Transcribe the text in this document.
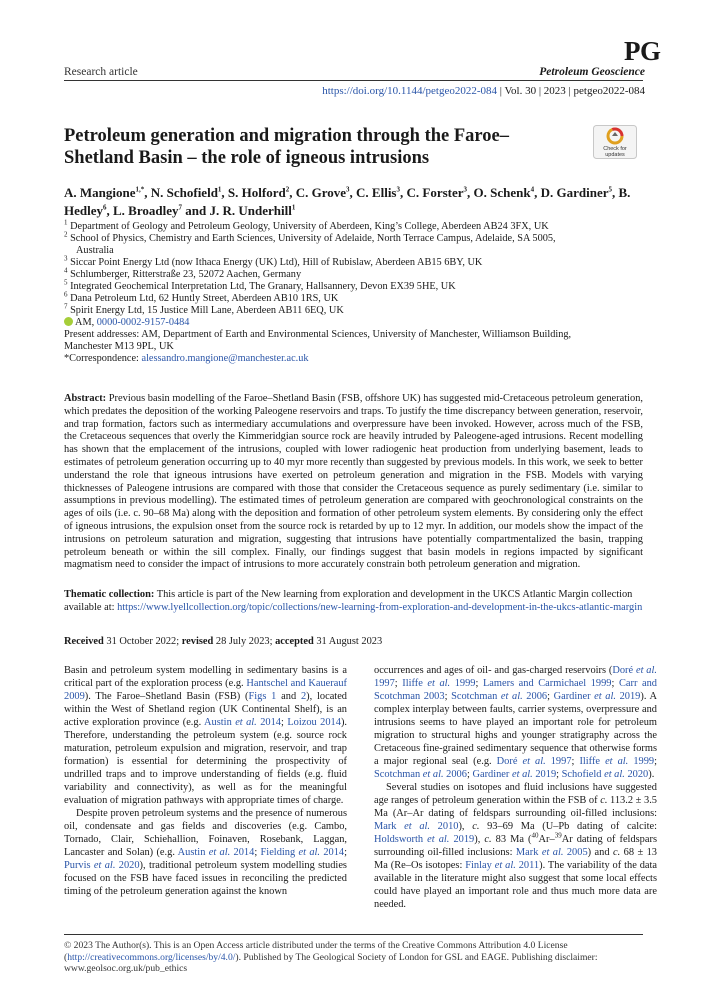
PG
Research article	Petroleum Geoscience
https://doi.org/10.1144/petgeo2022-084 | Vol. 30 | 2023 | petgeo2022-084
Petroleum generation and migration through the Faroe–Shetland Basin – the role of igneous intrusions	Check for
updates
A. Mangione$^{1,*}$, N. Schofield$^1$, S. Holford$^2$, C. Grove$^3$, C. Ellis$^3$, C. Forster$^3$, O. Schenk$^4$, D. Gardiner$^5$, B. Hedley$^6$, L. Broadley$^7$ and J. R. Underhill$^1$
$^1$ Department of Geology and Petroleum Geology, University of Aberdeen, King’s College, Aberdeen AB24 3FX, UK
$^2$ School of Physics, Chemistry and Earth Sciences, University of Adelaide, North Terrace Campus, Adelaide, SA 5005,
Australia
$^3$ Siccar Point Energy Ltd (now Ithaca Energy (UK) Ltd), Hill of Rubislaw, Aberdeen AB15 6BY, UK
$^4$ Schlumberger, Ritterstraße 23, 52072 Aachen, Germany
$^5$ Integrated Geochemical Interpretation Ltd, The Granary, Hallsannery, Devon EX39 5HE, UK
$^6$ Dana Petroleum Ltd, 62 Huntly Street, Aberdeen AB10 1RS, UK
$^7$ Spirit Energy Ltd, 15 Justice Mill Lane, Aberdeen AB11 6EQ, UK
AM, 0000-0002-9157-0484
Present addresses: AM, Department of Earth and Environmental Sciences, University of Manchester, Williamson Building,
Manchester M13 9PL, UK
*Correspondence: alessandro.mangione@manchester.ac.uk
Abstract: Previous basin modelling of the Faroe–Shetland Basin (FSB, offshore UK) has suggested mid-Cretaceous petroleum generation, which predates the deposition of the working Paleogene reservoirs and traps. To justify the time discrepancy between generation, reservoir, and trap formation, factors such as intermediary accumulations and overpressure have been invoked. However, across much of the FSB, the Cretaceous sequences that overly the Kimmeridgian source rock are heavily intruded by Paleogene-aged intrusions. Recent modelling has shown that the emplacement of the intrusions, coupled with lower radiogenic heat production from underlying basement, leads to estimates of petroleum generation occurring up to 40 myr more recently than suggested by previous models. In this work, we seek to better understand the role that igneous intrusions have exerted on petroleum generation and migration in the FSB. Models with varying thicknesses of Paleogene intrusions are compared with those that consider the Cretaceous sequence as purely sedimentary (i.e. similar to assumptions in previous modelling). The estimated times of petroleum generation are compared with geochronological constraints on the ages of oils (i.e. c. 90–68 Ma) along with the deposition and formation of other petroleum system elements. By considering only the effect of igneous intrusions, the expulsion onset from the source rock is retarded by up to 12 myr. In addition, our models show the impact of the intrusions on petroleum saturation and migration, suggesting that intrusions have potentially compartmentalized the basin, trapping petroleum beneath or within the sill complex. Finally, our findings suggest that basin models in regions impacted by significant magmatism need to consider the impact of intrusions to more accurately constrain both petroleum generation and migration.
Thematic collection: This article is part of the New learning from exploration and development in the UKCS Atlantic Margin collection available at: https://www.lyellcollection.org/topic/collections/new-learning-from-exploration-and-development-in-the-ukcs-atlantic-margin
Received 31 October 2022; revised 28 July 2023; accepted 31 August 2023

Basin and petroleum system modelling in sedimentary basins is a critical part of the exploration process (e.g. Hantschel and Kauerauf 2009). The Faroe–Shetland Basin (FSB) (Figs 1 and 2), located within the West of Shetland region (UK Continental Shelf), is an active exploration province (e.g. Austin et al. 2014; Loizou 2014). Therefore, understanding the petroleum system (e.g. source rock maturation, petroleum expulsion and migration, reservoir, and trap formation) is essential for determining the prospectivity of undrilled traps and to improve understanding of fields (e.g. fluid variability and connectivity), as well as for the meaningful evaluation of migration pathways with appropriate times of charge.

Despite proven petroleum systems and the presence of numerous oil, condensate and gas fields and discoveries (e.g. Cambo, Tornado, Clair, Schiehallion, Foinaven, Rosebank, Laggan, Lancaster and Solan) (e.g. Austin et al. 2014; Fielding et al. 2014; Purvis et al. 2020), traditional petroleum system modelling studies focused on the FSB have faced issues in reconciling the predicted timing of the petroleum generation against the known

occurrences and ages of oil- and gas-charged reservoirs (Doré et al. 1997; Iliffe et al. 1999; Lamers and Carmichael 1999; Carr and Scotchman 2003; Scotchman et al. 2006; Gardiner et al. 2019). A complex interplay between faults, carrier systems, overpressure and intrusions seems to have played an important role for petroleum migration to structural highs and younger stratigraphy across the Cretaceous fine-grained sedimentary sequence that otherwise forms a major regional seal (e.g. Doré et al. 1997; Iliffe et al. 1999; Scotchman et al. 2006; Gardiner et al. 2019; Schofield et al. 2020).

Several studies on isotopes and fluid inclusions have suggested age ranges of petroleum generation within the FSB of c. 113.2 ± 3.5 Ma (Ar–Ar dating of feldspars surrounding oil-filled inclusions: Mark et al. 2010), c. 93–69 Ma (U–Pb dating of calcite: Holdsworth et al. 2019), c. 83 Ma ($^{40}$Ar–$^{39}$Ar dating of feldspars surrounding oil-filled inclusions: Mark et al. 2005) and c. 68 ± 13 Ma (Re–Os isotopes: Finlay et al. 2011). The variability of the data available in the literature might also suggest that some local effects could have played an important role and thus much more data are needed.

© 2023 The Author(s). This is an Open Access article distributed under the terms of the Creative Commons Attribution 4.0 License (http://creativecommons.org/licenses/by/4.0/). Published by The Geological Society of London for GSL and EAGE. Publishing disclaimer: www.geolsoc.org.uk/pub_ethics
